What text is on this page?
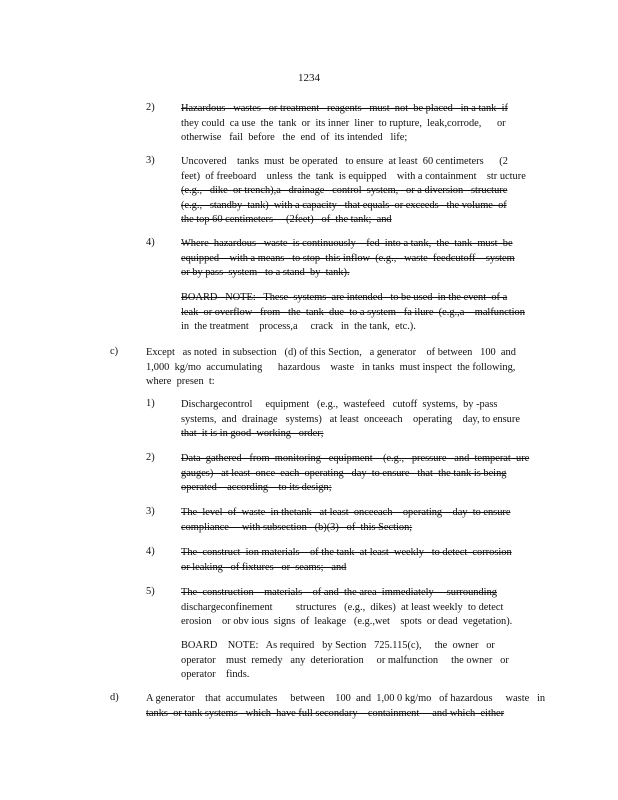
1234
2)	Hazardous   wastes   or treatment   reagents   must  not  be placed   in a tank  if
they could  ca use  the  tank  or  its inner  liner  to rupture,  leak,corrode,      or
otherwise   fail  before   the  end  of  its intended   life;
3)	Uncovered    tanks  must  be operated   to ensure  at least  60 centimeters      (2
feet)  of freeboard    unless  the  tank  is equipped    with a containment    str ucture
(e.g.,   dike  or trench),a   drainage   control  system,   or a diversion   structure
(e.g.,   standby  tank)  with a capacity   that equals  or exceeds   the volume  of
the top 60 centimeters     (2feet)   of  the tank;  and
4)	Where  hazardous   waste  is continuously    fed  into a tank,  the  tank  must  be
equipped    with a means   to stop  this inflow  (e.g.,   waste  feedcutoff    system
or by pass  system   to a stand  by  tank).
BOARD   NOTE:   These  systems  are intended   to be used  in the event  of a
leak  or overflow   from   the  tank  due  to a system   fa ilure  (e.g.,a    malfunction
in  the treatment    process,a     crack   in  the tank,  etc.).
c)	Except   as noted  in subsection   (d) of this Section,   a generator    of between   100  and
1,000  kg/mo  accumulating      hazardous    waste   in tanks  must inspect  the following,
where  presen  t:
1)	Dischargecontrol     equipment   (e.g.,  wastefeed   cutoff  systems,  by -pass
systems,  and  drainage   systems)   at least  onceeach    operating    day, to ensure
that  it is in good  working   order;
2)	Data  gathered   from  monitoring   equipment    (e.g.,   pressure   and  temperat  ure
gauges)   at least  once  each  operating   day  to ensure   that  the tank is being
operated    according    to its design;
3)	The  level  of  waste  in thetank   at least  onceeach    operating    day  to ensure
compliance     with subsection   (b)(3)   of  this Section;
4)	The  construct  ion materials    of the tank  at least  weekly   to detect  corrosion
or leaking   of fixtures   or  seams;   and
5)	The  construction    materials    of and  the area  immediately     surrounding
dischargeconfinement         structures   (e.g.,  dikes)  at least weekly  to detect
erosion    or obv ious  signs  of  leakage   (e.g.,wet    spots  or dead  vegetation).
BOARD    NOTE:   As required   by Section   725.115(c),     the  owner   or
operator    must  remedy   any  deterioration     or malfunction     the owner   or
operator    finds.
d)	A generator    that  accumulates     between    100  and  1,00 0 kg/mo   of hazardous     waste   in
tanks  or tank systems   which  have full secondary    containment     and which  either
